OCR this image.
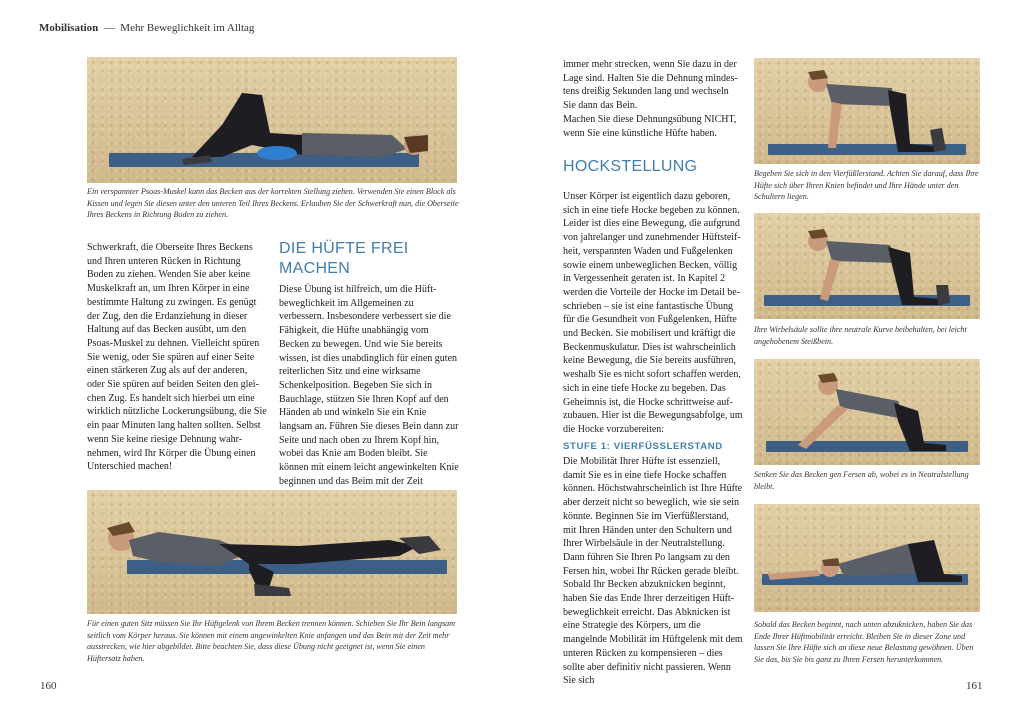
Mobilisation — Mehr Beweglichkeit im Alltag
Ein verspannter Psoas-Muskel kann das Becken aus der korrekten Stellung ziehen. Verwenden Sie einen Block als Kissen und legen Sie diesen unter den unteren Teil Ihres Beckens. Erlauben Sie der Schwerkraft nun, die Oberseite Ihres Beckens in Richtung Boden zu ziehen.
Schwerkraft, die Oberseite Ihres Beckens und Ihren unteren Rücken in Richtung Boden zu ziehen. Wenden Sie aber keine Muskelkraft an, um Ihren Körper in eine bestimmte Haltung zu zwingen. Es genügt der Zug, den die Erdanziehung in dieser Haltung auf das Becken ausübt, um den Psoas-Muskel zu dehnen. Vielleicht spüren Sie wenig, oder Sie spüren auf einer Seite einen stärkeren Zug als auf der anderen, oder Sie spüren auf beiden Seiten den gleichen Zug. Es handelt sich hierbei um eine wirklich nützliche Lockerungsübung, die Sie ein paar Minuten lang halten sollten. Selbst wenn Sie keine riesige Dehnung wahrnehmen, wird Ihr Körper die Übung einen Unterschied machen!
DIE HÜFTE FREI MACHEN
Diese Übung ist hilfreich, um die Hüftbeweglichkeit im Allgemeinen zu verbessern. Insbesondere verbessert sie die Fähigkeit, die Hüfte unabhängig vom Becken zu bewegen. Und wie Sie bereits wissen, ist dies unabdinglich für einen guten reiterlichen Sitz und eine wirksame Schenkelposition. Begeben Sie sich in Bauchlage, stützen Sie Ihren Kopf auf den Händen ab und winkeln Sie ein Knie langsam an. Führen Sie dieses Bein dann zur Seite und nach oben zu Ihrem Kopf hin, wobei das Knie am Boden bleibt. Sie können mit einem leicht angewinkelten Knie beginnen und das Beim mit der Zeit
Für einen guten Sitz müssen Sie Ihr Hüftgelenk von Ihrem Becken trennen können. Schieben Sie Ihr Bein langsam seitlich vom Körper heraus. Sie können mit einem angewinkelten Knie anfangen und das Bein mit der Zeit mehr ausstrecken, wie hier abgebildet. Bitte beachten Sie, dass diese Übung nicht geeignet ist, wenn Sie einen Hüftersatz haben.
160

immer mehr strecken, wenn Sie dazu in der Lage sind. Halten Sie die Dehnung mindestens dreißig Sekunden lang und wechseln Sie dann das Bein.

Machen Sie diese Dehnungsübung NICHT, wenn Sie eine künstliche Hüfte haben.

HOCKSTELLUNG
Unser Körper ist eigentlich dazu geboren, sich in eine tiefe Hocke begeben zu können. Leider ist dies eine Bewegung, die aufgrund von jahrelanger und zunehmender Hüftsteifheit, verspannten Waden und Fußgelenken sowie einem unbeweglichen Becken, völlig in Vergessenheit geraten ist. In Kapitel 2 werden die Vorteile der Hocke im Detail beschrieben – sie ist eine fantastische Übung für die Gesundheit von Fußgelenken, Hüfte und Becken. Sie mobilisert und kräftigt die Beckenmuskulatur. Dies ist wahrscheinlich keine Bewegung, die Sie bereits ausführen, weshalb Sie es nicht sofort schaffen werden, sich in eine tiefe Hocke zu begeben. Das Geheimnis ist, die Hocke schrittweise aufzubauen. Hier ist die Bewegungsabfolge, um die Hocke vorzubereiten:
STUFE 1: VIERFÜSSLERSTAND
Die Mobilität Ihrer Hüfte ist essenziell, damit Sie es in eine tiefe Hocke schaffen können. Höchstwahrscheinlich ist Ihre Hüfte aber derzeit nicht so beweglich, wie sie sein könnte. Beginnen Sie im Vierfüßlerstand, mit Ihren Händen unter den Schultern und Ihrer Wirbelsäule in der Neutralstellung. Dann führen Sie Ihren Po langsam zu den Fersen hin, wobei Ihr Rücken gerade bleibt. Sobald Ihr Becken abzuknicken beginnt, haben Sie das Ende Ihrer derzeitigen Hüftbeweglichkeit erreicht. Das Abknicken ist eine Strategie des Körpers, um die mangelnde Mobilität im Hüftgelenk mit dem unteren Rücken zu kompensieren – dies sollte aber definitiv nicht passieren. Wenn Sie sich
Begeben Sie sich in den Vierfüßlerstand. Achten Sie darauf, dass Ihre Hüfte sich über Ihren Knien befindet und Ihre Hände unter den Schultern liegen.
Ihre Wirbelsäule sollte ihre neutrale Kurve beibehalten, bei leicht angehobenem Steißbein.
Senken Sie das Becken gen Fersen ab, wobei es in Neutralstellung bleibt.
Sobald das Becken beginnt, nach unten abzuknicken, haben Sie das Ende Ihrer Hüftmobilität erreicht. Bleiben Sie in dieser Zone und lassen Sie Ihre Hüfte sich an diese neue Belastung gewöhnen. Üben Sie das, bis Sie bis ganz zu Ihren Fersen herunterkommen.
161
